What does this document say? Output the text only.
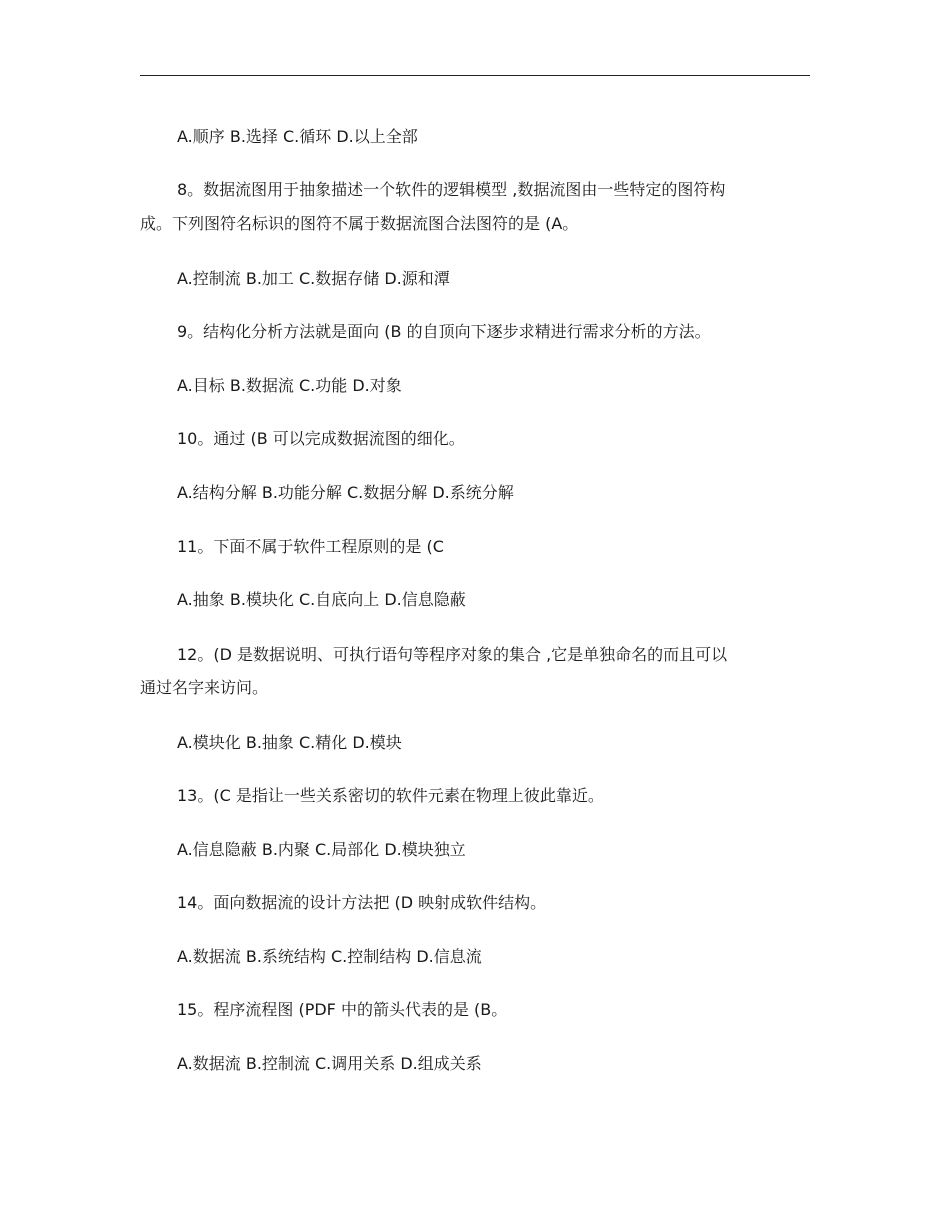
A.顺序 B.选择 C.循环 D.以上全部
8。数据流图用于抽象描述一个软件的逻辑模型 ,数据流图由一些特定的图符构
成。下列图符名标识的图符不属于数据流图合法图符的是 (A。
A.控制流 B.加工 C.数据存储 D.源和潭
9。结构化分析方法就是面向 (B 的自顶向下逐步求精进行需求分析的方法。
A.目标 B.数据流 C.功能 D.对象
10。通过 (B 可以完成数据流图的细化。
A.结构分解 B.功能分解 C.数据分解 D.系统分解
11。下面不属于软件工程原则的是 (C
A.抽象 B.模块化 C.自底向上 D.信息隐蔽
12。(D 是数据说明、可执行语句等程序对象的集合 ,它是单独命名的而且可以
通过名字来访问。
A.模块化 B.抽象 C.精化 D.模块
13。(C 是指让一些关系密切的软件元素在物理上彼此靠近。
A.信息隐蔽 B.内聚 C.局部化 D.模块独立
14。面向数据流的设计方法把 (D 映射成软件结构。
A.数据流 B.系统结构 C.控制结构 D.信息流
15。程序流程图 (PDF 中的箭头代表的是 (B。
A.数据流 B.控制流 C.调用关系 D.组成关系
